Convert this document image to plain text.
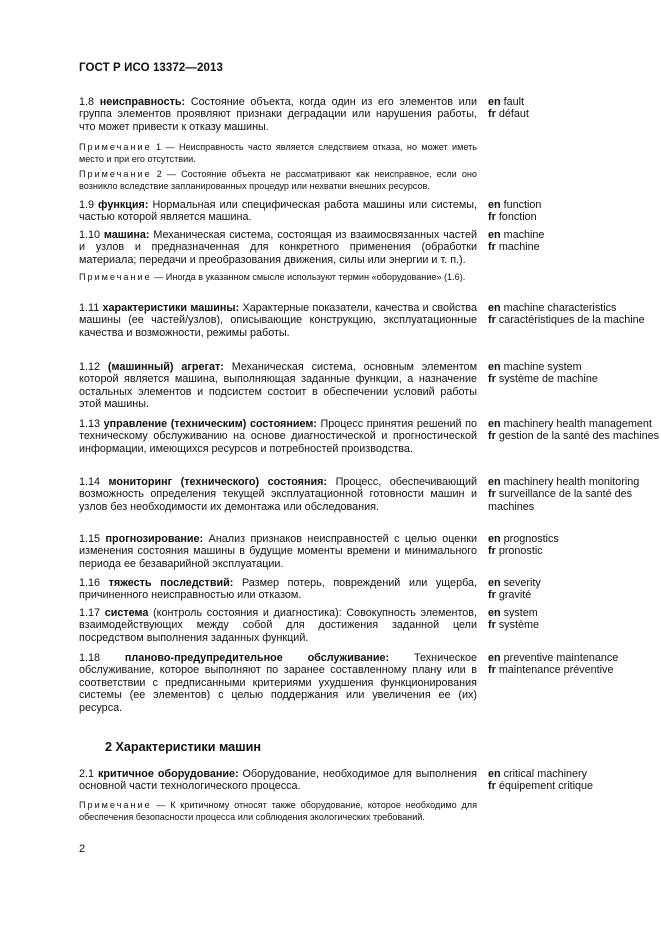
ГОСТ Р ИСО 13372—2013
1.8 неисправность: Состояние объекта, когда один из его элементов или группа элементов проявляют признаки деградации или нарушения работы, что может привести к отказу машины.
en fault
fr défaut
Примечание 1 — Неисправность часто является следствием отказа, но может иметь место и при его отсутствии.
Примечание 2 — Состояние объекта не рассматривают как неисправное, если оно возникло вследствие запланированных процедур или нехватки внешних ресурсов.
1.9 функция: Нормальная или специфическая работа машины или системы, частью которой является машина.
en function
fr fonction
1.10 машина: Механическая система, состоящая из взаимосвязанных частей и узлов и предназначенная для конкретного применения (обработки материала; передачи и преобразования движения, силы или энергии и т. п.).
en machine
fr machine
Примечание — Иногда в указанном смысле используют термин «оборудование» (1.6).
1.11 характеристики машины: Характерные показатели, качества и свойства машины (ее частей/узлов), описывающие конструкцию, эксплуатационные качества и возможности, режимы работы.
en machine characteristics
fr caractéristiques de la machine
1.12 (машинный) агрегат: Механическая система, основным элементом которой является машина, выполняющая заданные функции, а назначение остальных элементов и подсистем состоит в обеспечении условий работы этой машины.
en machine system
fr système de machine
1.13 управление (техническим) состоянием: Процесс принятия решений по техническому обслуживанию на основе диагностической и прогностической информации, имеющихся ресурсов и потребностей производства.
en machinery health management
fr gestion de la santé des machines
1.14 мониторинг (технического) состояния: Процесс, обеспечивающий возможность определения текущей эксплуатационной готовности машин и узлов без необходимости их демонтажа или обследования.
en machinery health monitoring
fr surveillance de la santé des machines
1.15 прогнозирование: Анализ признаков неисправностей с целью оценки изменения состояния машины в будущие моменты времени и минимального периода ее безаварийной эксплуатации.
en prognostics
fr pronostic
1.16 тяжесть последствий: Размер потерь, повреждений или ущерба, причиненного неисправностью или отказом.
en severity
fr gravité
1.17 система (контроль состояния и диагностика): Совокупность элементов, взаимодействующих между собой для достижения заданной цели посредством выполнения заданных функций.
en system
fr système
1.18 планово-предупредительное обслуживание: Техническое обслуживание, которое выполняют по заранее составленному плану или в соответствии с предписанными критериями ухудшения функционирования системы (ее элементов) с целью поддержания или увеличения ее (их) ресурса.
en preventive maintenance
fr maintenance préventive
2 Характеристики машин
2.1 критичное оборудование: Оборудование, необходимое для выполнения основной части технологического процесса.
en critical machinery
fr équipement critique
Примечание — К критичному относят также оборудование, которое необходимо для обеспечения безопасности процесса или соблюдения экологических требований.
2
